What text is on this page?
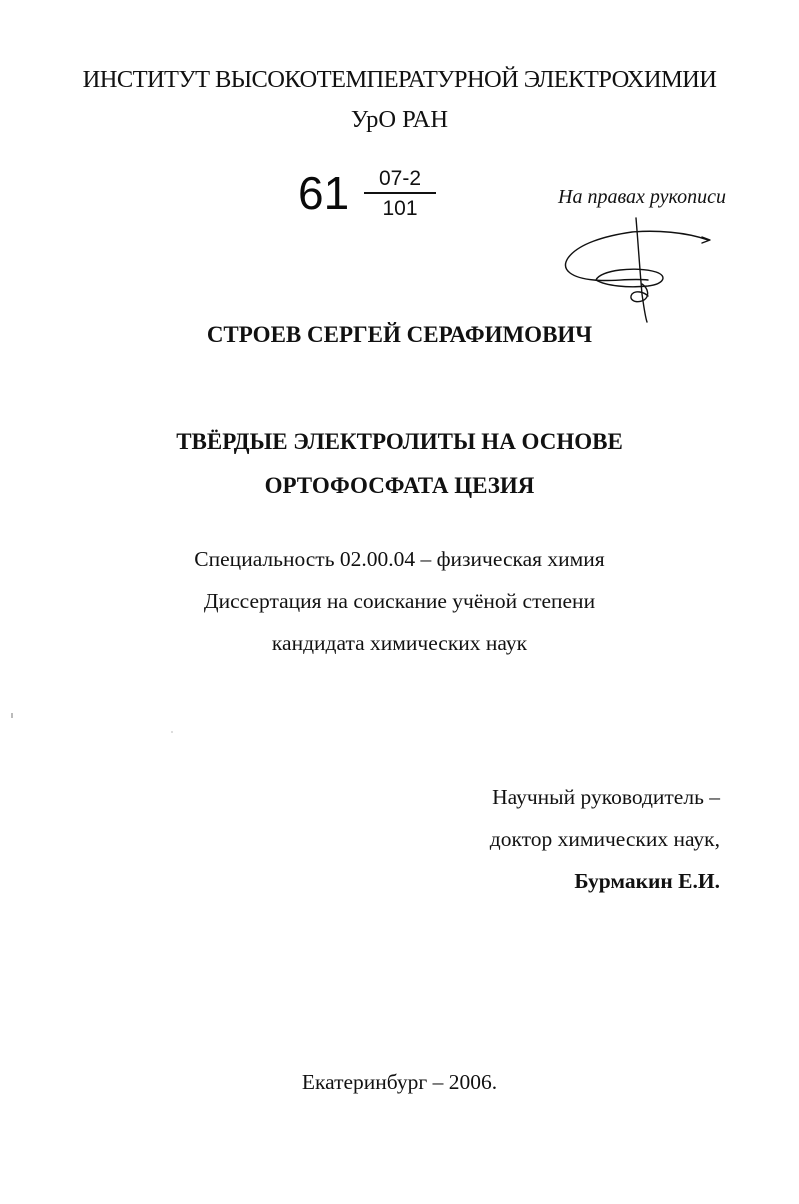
ИНСТИТУТ ВЫСОКОТЕМПЕРАТУРНОЙ ЭЛЕКТРОХИМИИ
УрО РАН
$61 \frac{07-2}{101}$	На правах рукописи
СТРОЕВ СЕРГЕЙ СЕРАФИМОВИЧ
ТВЁРДЫЕ ЭЛЕКТРОЛИТЫ НА ОСНОВЕ
ОРТОФОСФАТА ЦЕЗИЯ
Специальность 02.00.04 – физическая химия
Диссертация на соискание учёной степени
кандидата химических наук
Научный руководитель –
доктор химических наук,
Бурмакин Е.И.
Екатеринбург – 2006.
